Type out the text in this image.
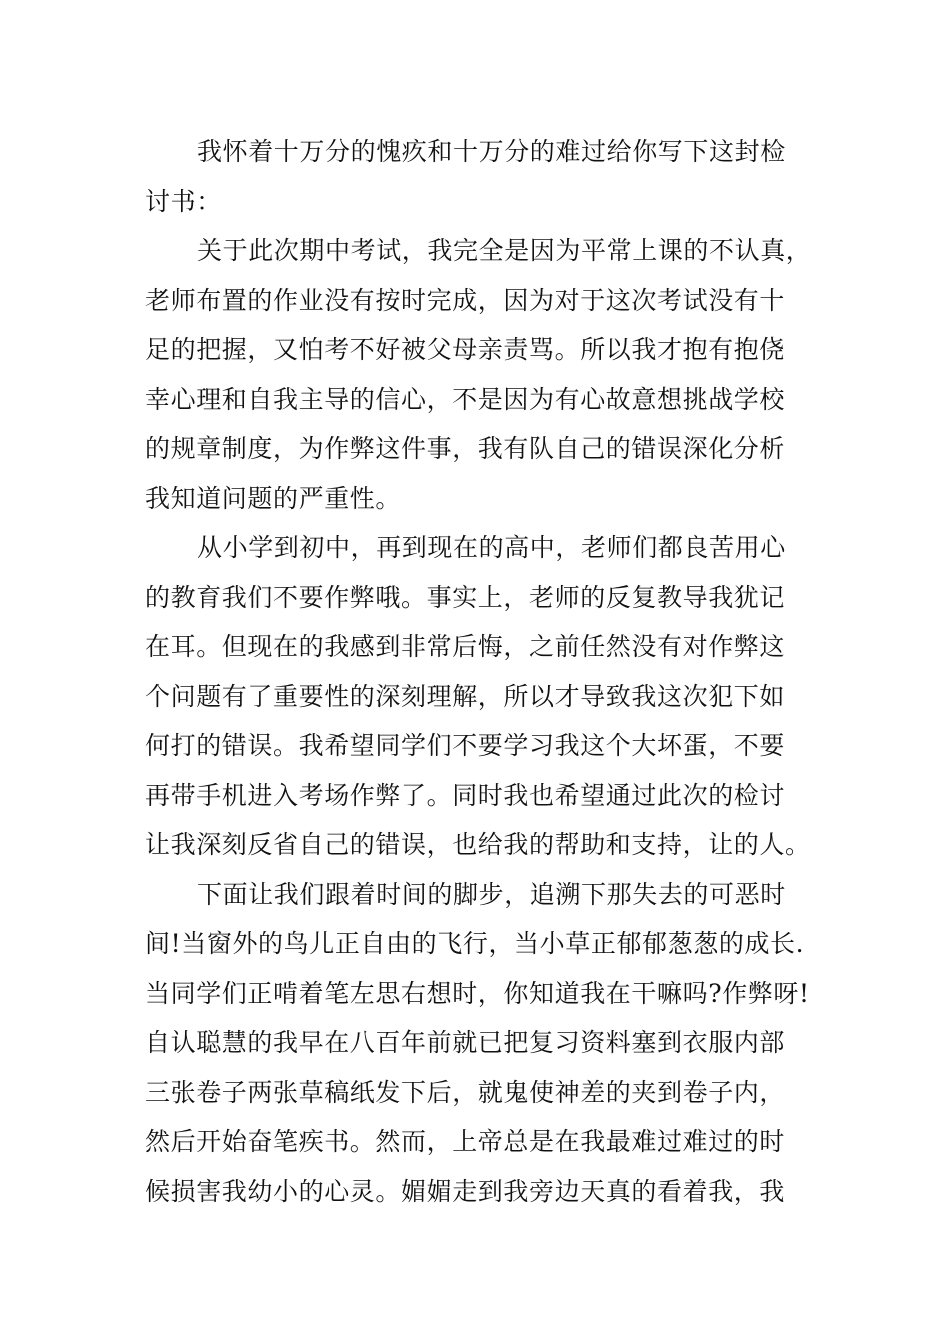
我怀着十万分的愧疚和十万分的难过给你写下这封检
讨书：
关于此次期中考试，我完全是因为平常上课的不认真，
老师布置的作业没有按时完成，因为对于这次考试没有十
足的把握，又怕考不好被父母亲责骂。所以我才抱有抱侥
幸心理和自我主导的信心，不是因为有心故意想挑战学校
的规章制度，为作弊这件事，我有队自己的错误深化分析
我知道问题的严重性。
从小学到初中，再到现在的高中，老师们都良苦用心
的教育我们不要作弊哦。事实上，老师的反复教导我犹记
在耳。但现在的我感到非常后悔，之前任然没有对作弊这
个问题有了重要性的深刻理解，所以才导致我这次犯下如
何打的错误。我希望同学们不要学习我这个大坏蛋，不要
再带手机进入考场作弊了。同时我也希望通过此次的检讨
让我深刻反省自己的错误，也给我的帮助和支持，让的人。
下面让我们跟着时间的脚步，追溯下那失去的可恶时
间!当窗外的鸟儿正自由的飞行，当小草正郁郁葱葱的成长.
当同学们正啃着笔左思右想时，你知道我在干嘛吗?作弊呀!
自认聪慧的我早在八百年前就已把复习资料塞到衣服内部
三张卷子两张草稿纸发下后，就鬼使神差的夹到卷子内，
然后开始奋笔疾书。然而，上帝总是在我最难过难过的时
候损害我幼小的心灵。媚媚走到我旁边天真的看着我，我
